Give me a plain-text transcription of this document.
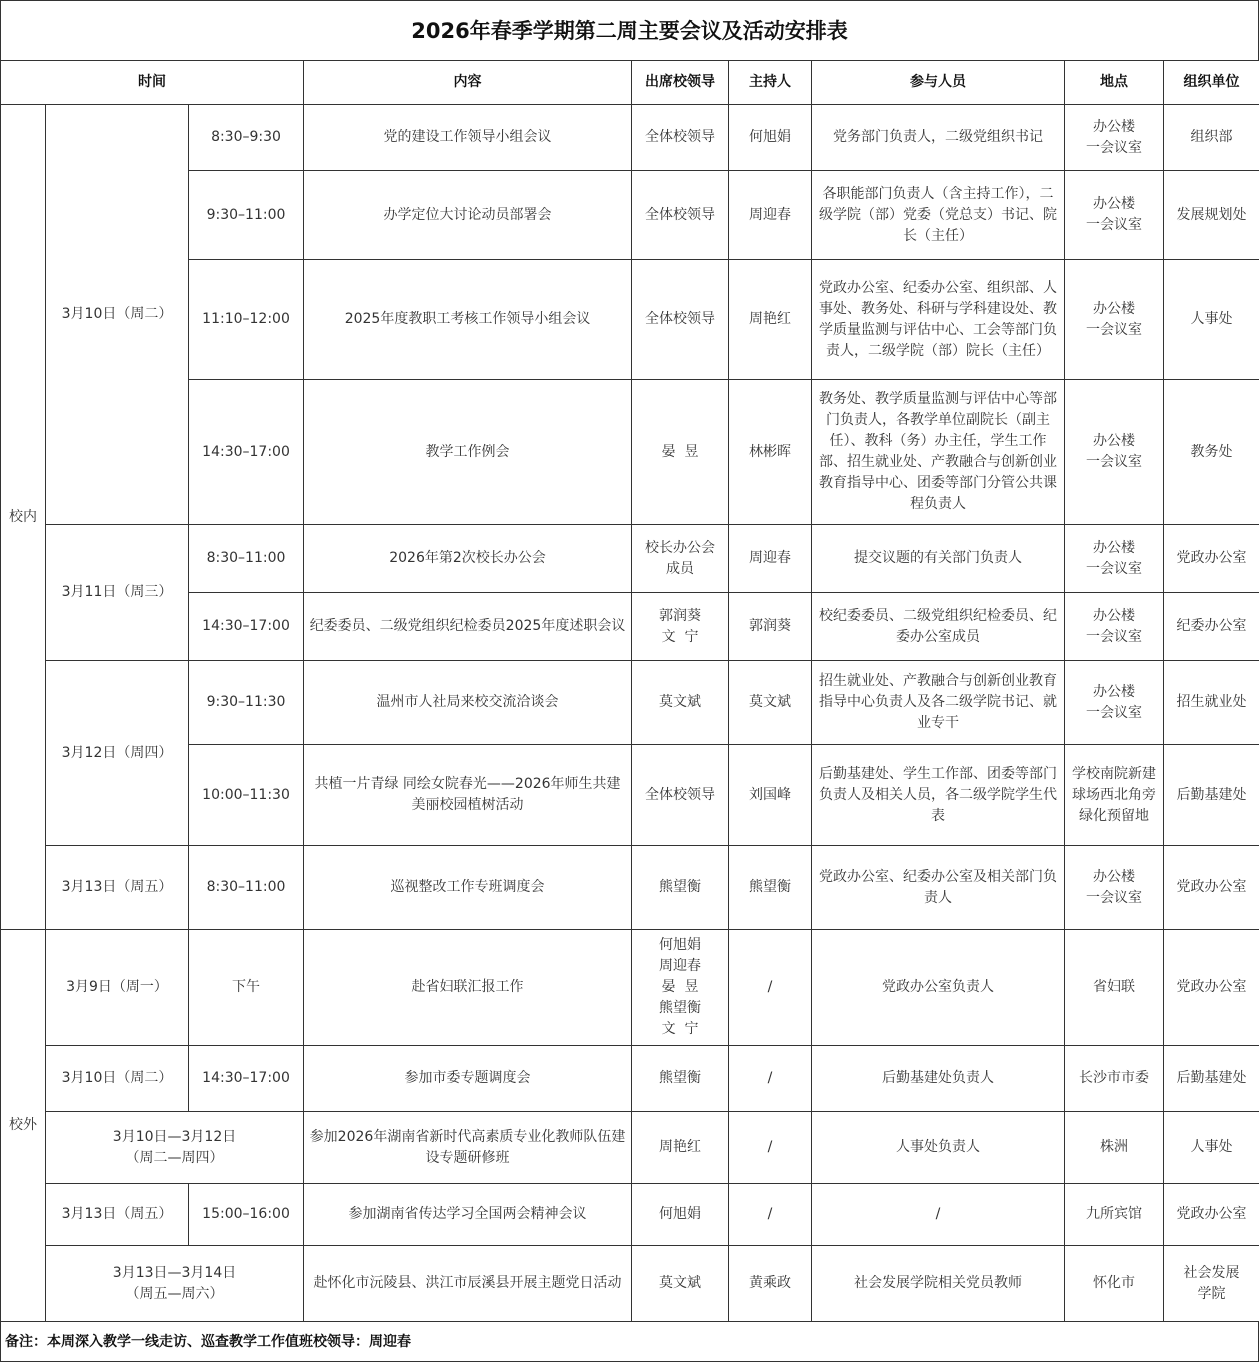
2026年春季学期第二周主要会议及活动安排表
时间			内容	出席校领导	主持人	参与人员	地点	组织单位
校内	3月10日（周二）	8:30–9:30	党的建设工作领导小组会议	全体校领导	何旭娟	党务部门负责人，二级党组织书记	办公楼
一会议室	组织部
		9:30–11:00	办学定位大讨论动员部署会	全体校领导	周迎春	各职能部门负责人（含主持工作），二级学院（部）党委（党总支）书记、院长（主任）	办公楼
一会议室	发展规划处
		11:10–12:00	2025年度教职工考核工作领导小组会议	全体校领导	周艳红	党政办公室、纪委办公室、组织部、人事处、教务处、科研与学科建设处、教学质量监测与评估中心、工会等部门负责人，二级学院（部）院长（主任）	办公楼
一会议室	人事处
		14:30–17:00	教学工作例会	晏  昱	林彬晖	教务处、教学质量监测与评估中心等部门负责人，各教学单位副院长（副主任）、教科（务）办主任，学生工作部、招生就业处、产教融合与创新创业教育指导中心、团委等部门分管公共课程负责人	办公楼
一会议室	教务处
	3月11日（周三）	8:30–11:00	2026年第2次校长办公会	校长办公会
成员	周迎春	提交议题的有关部门负责人	办公楼
一会议室	党政办公室
		14:30–17:00	纪委委员、二级党组织纪检委员2025年度述职会议	郭润葵
文  宁	郭润葵	校纪委委员、二级党组织纪检委员、纪委办公室成员	办公楼
一会议室	纪委办公室
	3月12日（周四）	9:30–11:30	温州市人社局来校交流洽谈会	莫文斌	莫文斌	招生就业处、产教融合与创新创业教育指导中心负责人及各二级学院书记、就业专干	办公楼
一会议室	招生就业处
		10:00–11:30	共植一片青绿 同绘女院春光——2026年师生共建美丽校园植树活动	全体校领导	刘国峰	后勤基建处、学生工作部、团委等部门负责人及相关人员，各二级学院学生代表	学校南院新建球场西北角旁绿化预留地	后勤基建处
	3月13日（周五）	8:30–11:00	巡视整改工作专班调度会	熊望衡	熊望衡	党政办公室、纪委办公室及相关部门负责人	办公楼
一会议室	党政办公室
校外	3月9日（周一）	下午	赴省妇联汇报工作	何旭娟
周迎春
晏  昱
熊望衡
文  宁	/	党政办公室负责人	省妇联	党政办公室
	3月10日（周二）	14:30–17:00	参加市委专题调度会	熊望衡	/	后勤基建处负责人	长沙市市委	后勤基建处
	3月10日—3月12日
（周二—周四）		参加2026年湖南省新时代高素质专业化教师队伍建设专题研修班	周艳红	/	人事处负责人	株洲	人事处
	3月13日（周五）	15:00–16:00	参加湖南省传达学习全国两会精神会议	何旭娟	/	/	九所宾馆	党政办公室
	3月13日—3月14日
（周五—周六）		赴怀化市沅陵县、洪江市辰溪县开展主题党日活动	莫文斌	黄乘政	社会发展学院相关党员教师	怀化市	社会发展
学院
备注：本周深入教学一线走访、巡查教学工作值班校领导：周迎春
